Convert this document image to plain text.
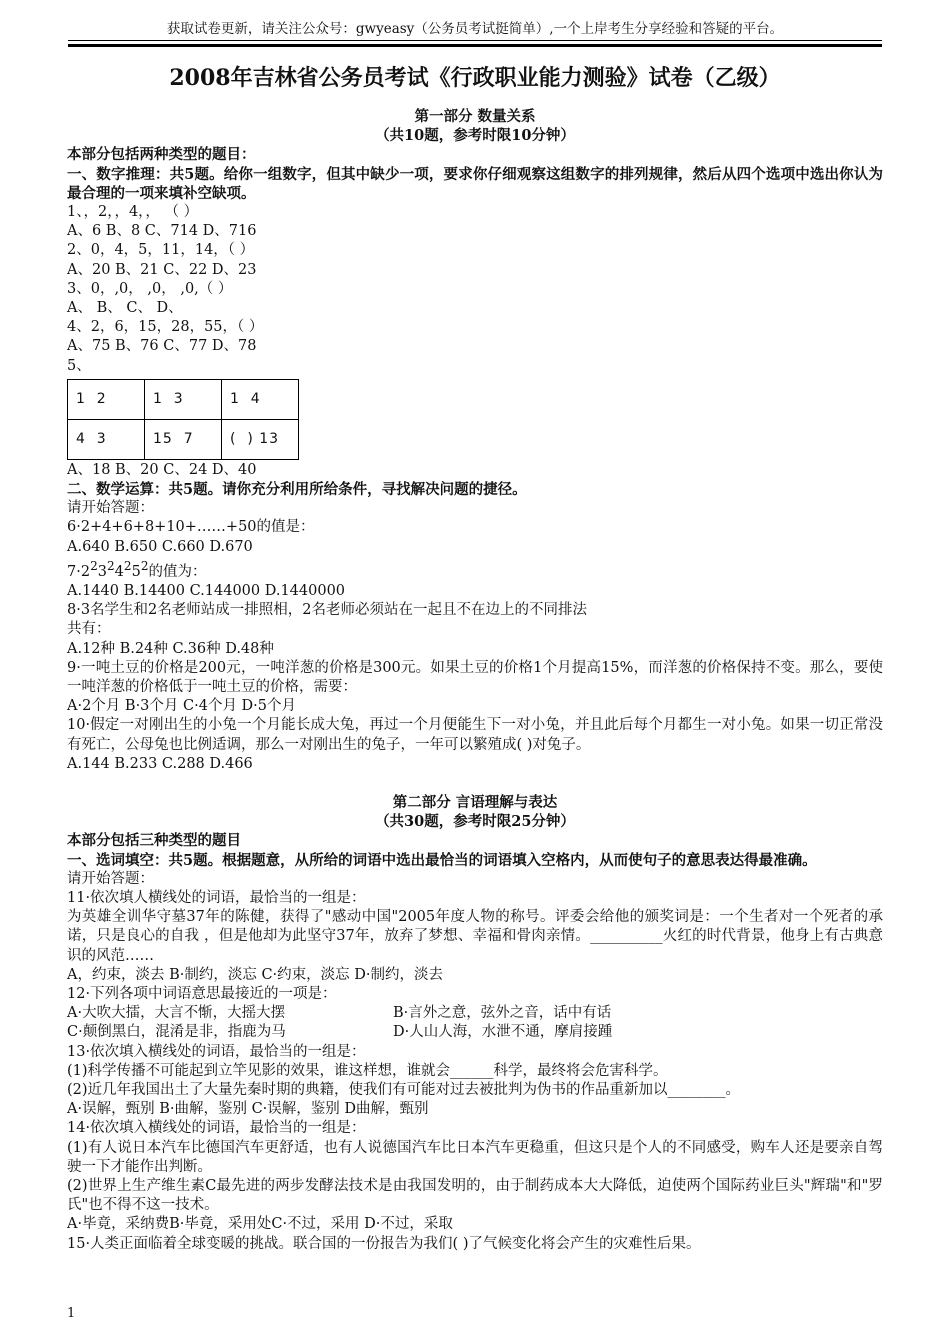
获取试卷更新，请关注公众号：gwyeasy（公务员考试挺简单）,一个上岸考生分享经验和答疑的平台。
2008年吉林省公务员考试《行政职业能力测验》试卷（乙级）

第一部分 数量关系

（共10题，参考时限10分钟）

本部分包括两种类型的题目：

一、数字推理：共5题。给你一组数字，但其中缺少一项，要求你仔细观察这组数字的排列规律，然后从四个选项中选出你认为最合理的一项来填补空缺项。

1、，2，，4，， （ ）

A、6 B、8 C、714 D、716

2、0，4，5，11，14，（ ）

A、20 B、21 C、22 D、23

3、0，,0， ,0， ,0,（ ）

A、 B、 C、 D、

4、2，6，15，28，55，（ ）

A、75 B、76 C、77 D、78

5、

1  2	1  3	1  4
4  3	15  7	(  ) 13

A、18 B、20 C、24 D、40

二、数学运算：共5题。请你充分利用所给条件，寻找解决问题的捷径。

请开始答题：

6·2+4+6+8+10+……+50的值是：

A.640 B.650 C.660 D.670

$7\cdot 2^23^24^25^2$的值为：

A.1440 B.14400 C.144000 D.1440000

8·3名学生和2名老师站成一排照相，2名老师必须站在一起且不在边上的不同排法

共有：

A.12种 B.24种 C.36种 D.48种

9·一吨土豆的价格是200元，一吨洋葱的价格是300元。如果土豆的价格1个月提高15%，而洋葱的价格保持不变。那么，要使一吨洋葱的价格低于一吨土豆的价格，需要：

A·2个月 B·3个月 C·4个月 D·5个月

10·假定一对刚出生的小兔一个月能长成大兔，再过一个月便能生下一对小兔，并且此后每个月都生一对小兔。如果一切正常没有死亡，公母兔也比例适调，那么一对刚出生的兔子，一年可以繁殖成( )对兔子。

A.144 B.233 C.288 D.466

第二部分 言语理解与表达

（共30题，参考时限25分钟）

本部分包括三种类型的题目

一、选词填空：共5题。根据题意，从所给的词语中选出最恰当的词语填入空格内，从而使句子的意思表达得最准确。

请开始答题：

11·依次填人横线处的词语，最恰当的一组是：

为英雄全训华守墓37年的陈健，获得了"感动中国"2005年度人物的称号。评委会给他的颁奖词是：一个生者对一个死者的承诺，只是良心的自我 ，但是他却为此坚守37年，放弃了梦想、幸福和骨肉亲情。__________火红的时代背景，他身上有古典意识的风范……

A，约束，淡去 B·制约，淡忘 C·约束，淡忘 D·制约，淡去

12·下列各项中词语意思最接近的一项是：

A·大吹大擂，大言不惭，大摇大摆	B·言外之意，弦外之音，话中有话

C·颠倒黑白，混淆是非，指鹿为马	D·人山人海，水泄不通，摩肩接踵

13·依次填入横线处的词语，最恰当的一组是：

(1)科学传播不可能起到立竿见影的效果，谁这样想，谁就会______科学，最终将会危害科学。

(2)近几年我国出土了大量先秦时期的典籍，使我们有可能对过去被批判为伪书的作品重新加以________。

A·误解，甄别 B·曲解，鉴别 C·误解，鉴别 D曲解，甄别

14·依次填入横线处的词语，最恰当的一组是：

(1)有人说日本汽车比德国汽车更舒适，也有人说德国汽车比日本汽车更稳重，但这只是个人的不同感受，购车人还是要亲自驾驶一下才能作出判断。

(2)世界上生产维生素C最先进的两步发酵法技术是由我国发明的，由于制药成本大大降低，迫使两个国际药业巨头"辉瑞"和"罗氏"也不得不这一技术。

A·毕竟，采纳费B·毕竟，采用处C·不过，采用 D·不过，采取

15·人类正面临着全球变暖的挑战。联合国的一份报告为我们( )了气候变化将会产生的灾难性后果。

1
